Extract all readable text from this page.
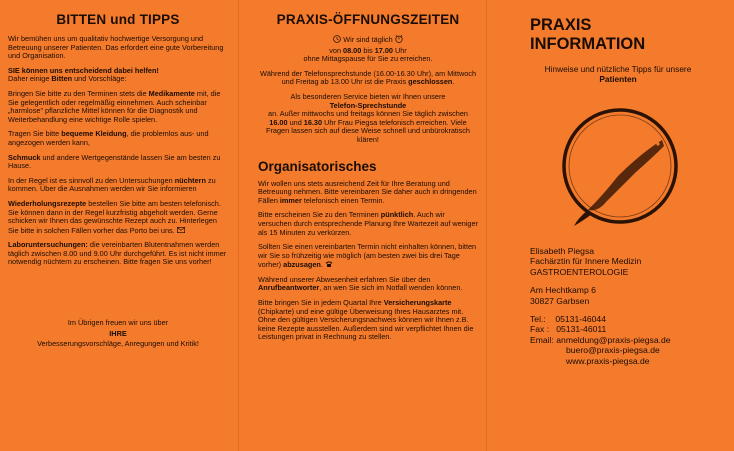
BITTEN und TIPPS

Wir bemühen uns um qualitativ hochwertige Versorgung und Betreuung unserer Patienten. Das erfordert eine gute Vorbereitung und Organisation.

SIE können uns entscheidend dabei helfen!
Daher einige Bitten und Vorschläge:

Bringen Sie bitte zu den Terminen stets die Medikamente mit, die Sie gelegentlich oder regelmäßig einnehmen. Auch scheinbar „harmlose" pflanzliche Mittel können für die Diagnostik und Weiterbehandlung eine wichtige Rolle spielen.

Tragen Sie bitte bequeme Kleidung, die problemlos aus- und angezogen werden kann,

Schmuck und andere Wertgegenstände lassen Sie am besten zu Hause.

In der Regel ist es sinnvoll zu den Untersuchungen nüchtern zu kommen. Über die Ausnahmen werden wir Sie informieren

Wiederholungsrezepte bestellen Sie bitte am besten telefonisch. Sie können dann in der Regel kurzfristig abgeholt werden. Gerne schicken wir Ihnen das gewünschte Rezept auch zu. Hinterlegen Sie bitte in solchen Fällen vorher das Porto bei uns.

Laboruntersuchungen: die vereinbarten Blutentnahmen werden täglich zwischen 8.00 und 9.00 Uhr durchgeführt. Es ist nicht immer notwendig nüchtern zu erscheinen. Bitte fragen Sie uns vorher!

Im Übrigen freuen wir uns über

IHRE

Verbesserungsvorschläge, Anregungen und Kritik!

PRAXIS-ÖFFNUNGSZEITEN

Wir sind täglich

von 08.00 bis 17.00 Uhr
ohne Mittagspause für Sie zu erreichen.

Während der Telefonsprechstunde (16.00-16.30 Uhr), am Mittwoch und Freitag ab 13.00 Uhr ist die Praxis geschlossen.

Als besonderen Service bieten wir Ihnen unsere
Telefon-Sprechstunde
an. Außer mittwochs und freitags können Sie täglich zwischen 16.00 und 16.30 Uhr Frau Piegsa telefonisch erreichen. Viele Fragen lassen sich auf diese Weise schnell und unbürokratisch klären!

Organisatorisches

Wir wollen uns stets ausreichend Zeit für Ihre Beratung und Betreuung nehmen. Bitte vereinbaren Sie daher auch in dringenden Fällen immer telefonisch einen Termin.

Bitte erscheinen Sie zu den Terminen pünktlich. Auch wir versuchen durch entsprechende Planung Ihre Wartezeit auf weniger als 15 Minuten zu verkürzen.

Sollten Sie einen vereinbarten Termin nicht einhalten können, bitten wir Sie so frühzeitig wie möglich (am besten zwei bis drei Tage vorher) abzusagen.

Während unserer Abwesenheit erfahren Sie über den Anrufbeantworter, an wen Sie sich im Notfall wenden können.

Bitte bringen Sie in jedem Quartal Ihre Versicherungskarte (Chipkarte) und eine gültige Überweisung Ihres Hausarztes mit. Ohne den gültigen Versicherungsnachweis können wir Ihnen z.B. keine Rezepte ausstellen. Außerdem sind wir verpflichtet Ihnen die Leistungen privat in Rechnung zu stellen.

PRAXIS
INFORMATION
Hinweise und nützliche Tipps für unsere
Patienten
Elisabeth Piegsa
Fachärztin für Innere Medizin
GASTROENTEROLOGIE
Am Hechtkamp 6
30827 Garbsen
Tel.: 05131-46044
Fax : 05131-46011
Email: anmeldung@praxis-piegsa.de
buero@praxis-piegsa.de
www.praxis-piegsa.de
